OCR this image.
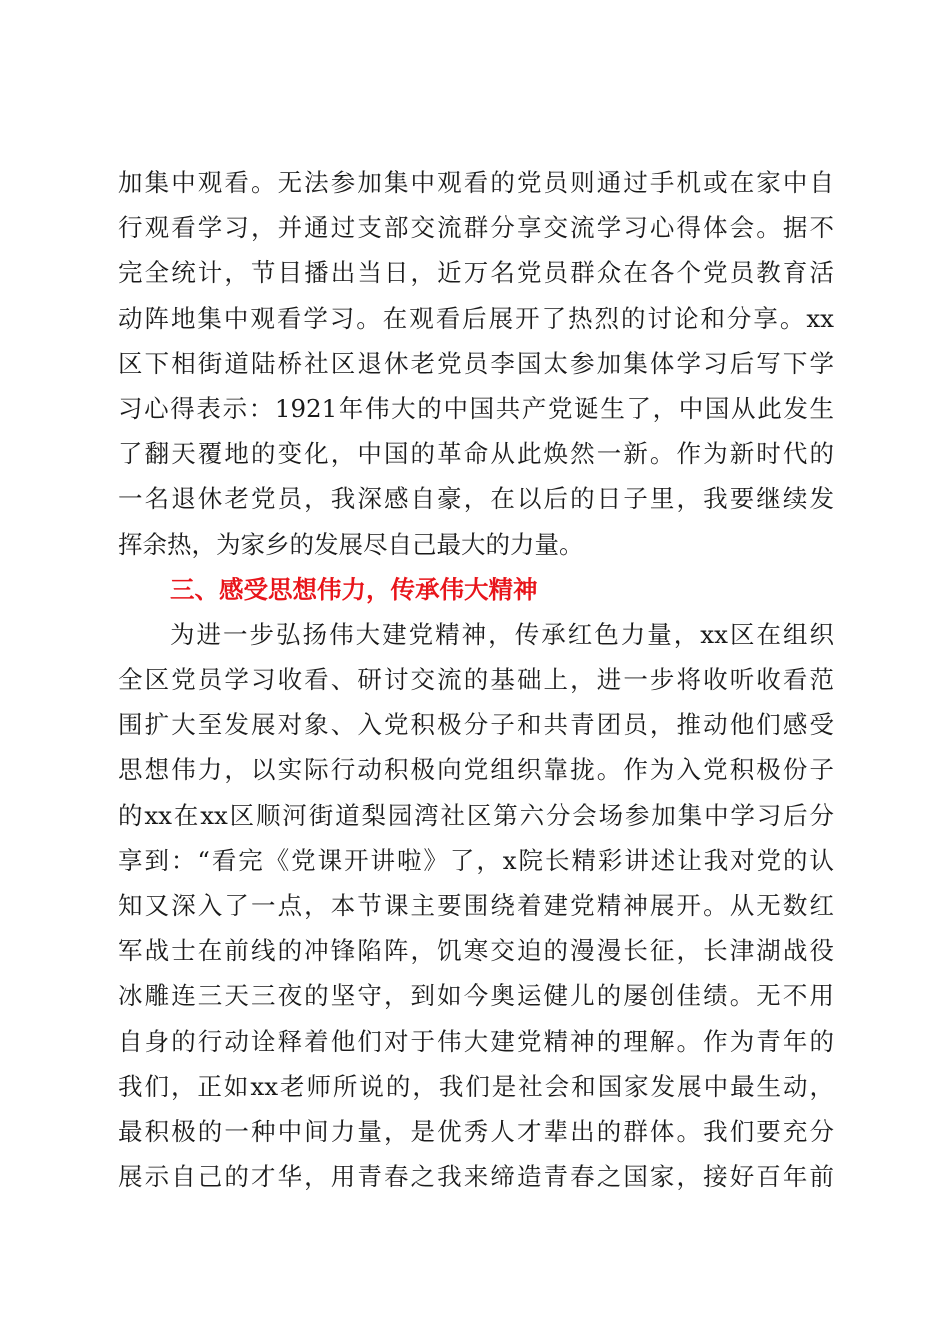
加集中观看。无法参加集中观看的党员则通过手机或在家中自
行观看学习，并通过支部交流群分享交流学习心得体会。据不
完全统计，节目播出当日，近万名党员群众在各个党员教育活
动阵地集中观看学习。在观看后展开了热烈的讨论和分享。xx
区下相街道陆桥社区退休老党员李国太参加集体学习后写下学
习心得表示：1921年伟大的中国共产党诞生了，中国从此发生
了翻天覆地的变化，中国的革命从此焕然一新。作为新时代的
一名退休老党员，我深感自豪，在以后的日子里，我要继续发
挥余热，为家乡的发展尽自己最大的力量。
三、感受思想伟力，传承伟大精神
为进一步弘扬伟大建党精神，传承红色力量，xx区在组织
全区党员学习收看、研讨交流的基础上，进一步将收听收看范
围扩大至发展对象、入党积极分子和共青团员，推动他们感受
思想伟力，以实际行动积极向党组织靠拢。作为入党积极份子
的xx在xx区顺河街道梨园湾社区第六分会场参加集中学习后分
享到：“看完《党课开讲啦》了，x院长精彩讲述让我对党的认
知又深入了一点，本节课主要围绕着建党精神展开。从无数红
军战士在前线的冲锋陷阵，饥寒交迫的漫漫长征，长津湖战役
冰雕连三天三夜的坚守，到如今奥运健儿的屡创佳绩。无不用
自身的行动诠释着他们对于伟大建党精神的理解。作为青年的
我们，正如xx老师所说的，我们是社会和国家发展中最生动，
最积极的一种中间力量，是优秀人才辈出的群体。我们要充分
展示自己的才华，用青春之我来缔造青春之国家，接好百年前
